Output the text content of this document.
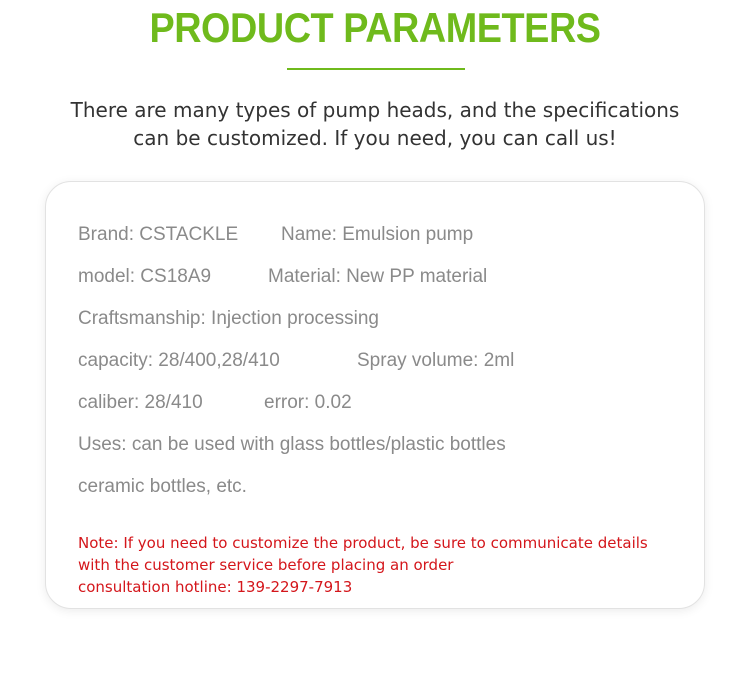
PRODUCT PARAMETERS
There are many types of pump heads, and the specifications
can be customized. If you need, you can call us!
Brand: CSTACKLE Name: Emulsion pump
model: CS18A9	Material: New PP material
Craftsmanship: Injection processing
capacity: 28/400,28/410	Spray volume: 2ml
caliber: 28/410	error: 0.02
Uses: can be used with glass bottles/plastic bottles
ceramic bottles, etc.
Note: If you need to customize the product, be sure to communicate details
with the customer service before placing an order
consultation hotline: 139-2297-7913
